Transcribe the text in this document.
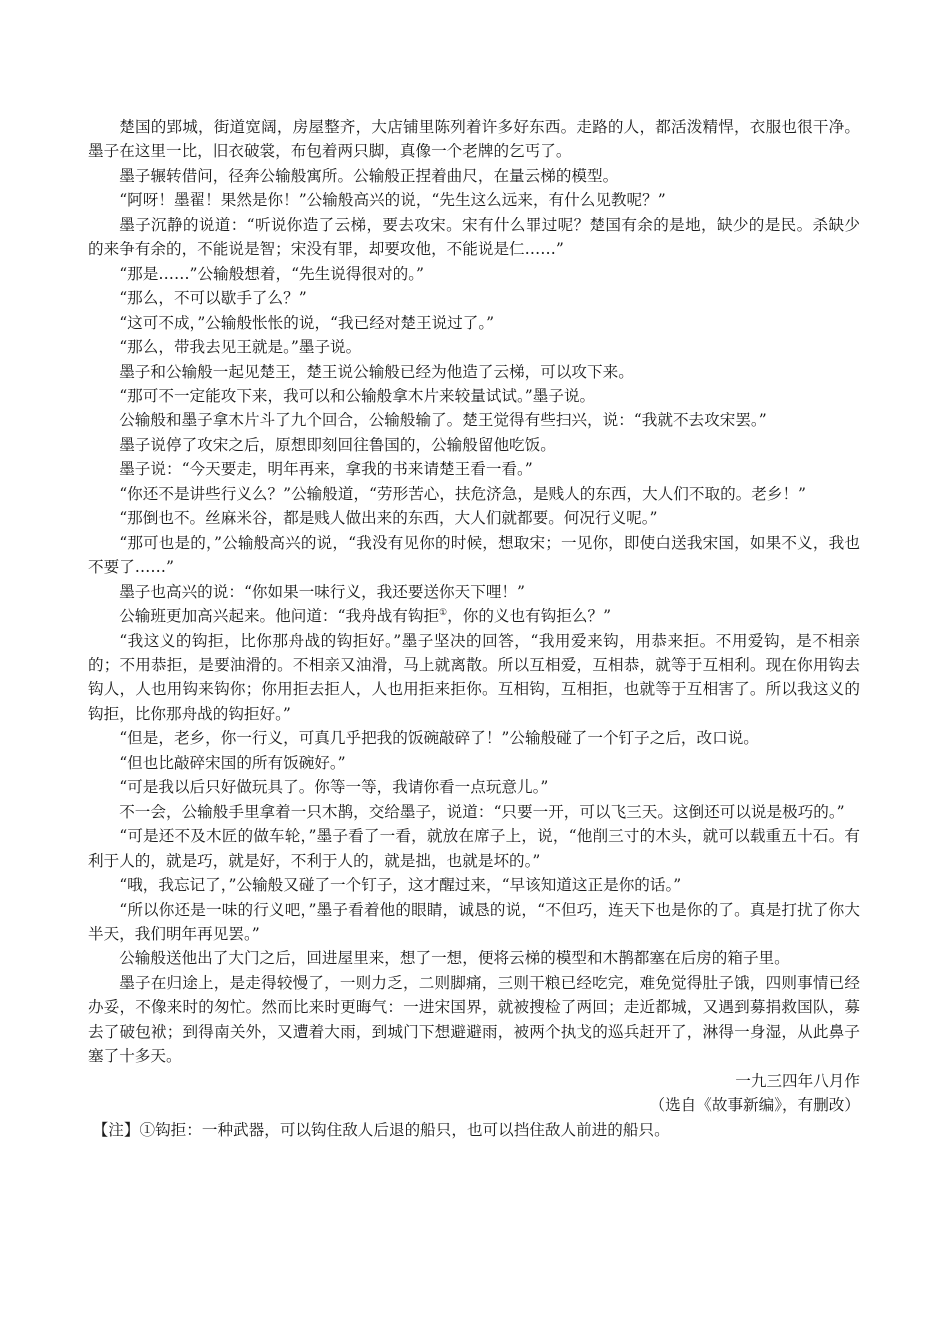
楚国的郢城，街道宽阔，房屋整齐，大店铺里陈列着许多好东西。走路的人，都活泼精悍，衣服也很干净。墨子在这里一比，旧衣破裳，布包着两只脚，真像一个老牌的乞丐了。

墨子辗转借问，径奔公输般寓所。公输般正捏着曲尺，在量云梯的模型。

“阿呀！墨翟！果然是你！”公输般高兴的说，“先生这么远来，有什么见教呢？”

墨子沉静的说道：“听说你造了云梯，要去攻宋。宋有什么罪过呢？楚国有余的是地，缺少的是民。杀缺少的来争有余的，不能说是智；宋没有罪，却要攻他，不能说是仁……”

“那是……”公输般想着，“先生说得很对的。”

“那么，不可以歇手了么？”

“这可不成，”公输般怅怅的说，“我已经对楚王说过了。”

“那么，带我去见王就是。”墨子说。

墨子和公输般一起见楚王，楚王说公输般已经为他造了云梯，可以攻下来。

“那可不一定能攻下来，我可以和公输般拿木片来较量试试。”墨子说。

公输般和墨子拿木片斗了九个回合，公输般输了。楚王觉得有些扫兴，说：“我就不去攻宋罢。”

墨子说停了攻宋之后，原想即刻回往鲁国的，公输般留他吃饭。

墨子说：“今天要走，明年再来，拿我的书来请楚王看一看。”

“你还不是讲些行义么？”公输般道，“劳形苦心，扶危济急，是贱人的东西，大人们不取的。老乡！”

“那倒也不。丝麻米谷，都是贱人做出来的东西，大人们就都要。何况行义呢。”

“那可也是的，”公输般高兴的说，“我没有见你的时候，想取宋；一见你，即使白送我宋国，如果不义，我也不要了……”

墨子也高兴的说：“你如果一味行义，我还要送你天下哩！”

公输班更加高兴起来。他问道：“我舟战有钩拒①，你的义也有钩拒么？”

“我这义的钩拒，比你那舟战的钩拒好。”墨子坚决的回答，“我用爱来钩，用恭来拒。不用爱钩，是不相亲的；不用恭拒，是要油滑的。不相亲又油滑，马上就离散。所以互相爱，互相恭，就等于互相利。现在你用钩去钩人，人也用钩来钩你；你用拒去拒人，人也用拒来拒你。互相钩，互相拒，也就等于互相害了。所以我这义的钩拒，比你那舟战的钩拒好。”

“但是，老乡，你一行义，可真几乎把我的饭碗敲碎了！”公输般碰了一个钉子之后，改口说。

“但也比敲碎宋国的所有饭碗好。”

“可是我以后只好做玩具了。你等一等，我请你看一点玩意儿。”

不一会，公输般手里拿着一只木鹊，交给墨子，说道：“只要一开，可以飞三天。这倒还可以说是极巧的。”

“可是还不及木匠的做车轮，”墨子看了一看，就放在席子上，说，“他削三寸的木头，就可以载重五十石。有利于人的，就是巧，就是好，不利于人的，就是拙，也就是坏的。”

“哦，我忘记了，”公输般又碰了一个钉子，这才醒过来，“早该知道这正是你的话。”

“所以你还是一味的行义吧，”墨子看着他的眼睛，诚恳的说，“不但巧，连天下也是你的了。真是打扰了你大半天，我们明年再见罢。”

公输般送他出了大门之后，回进屋里来，想了一想，便将云梯的模型和木鹊都塞在后房的箱子里。

墨子在归途上，是走得较慢了，一则力乏，二则脚痛，三则干粮已经吃完，难免觉得肚子饿，四则事情已经办妥，不像来时的匆忙。然而比来时更晦气：一进宋国界，就被搜检了两回；走近都城，又遇到募捐救国队，募去了破包袱；到得南关外，又遭着大雨，到城门下想避避雨，被两个执戈的巡兵赶开了，淋得一身湿，从此鼻子塞了十多天。

一九三四年八月作

（选自《故事新编》，有删改）

【注】①钩拒：一种武器，可以钩住敌人后退的船只，也可以挡住敌人前进的船只。
